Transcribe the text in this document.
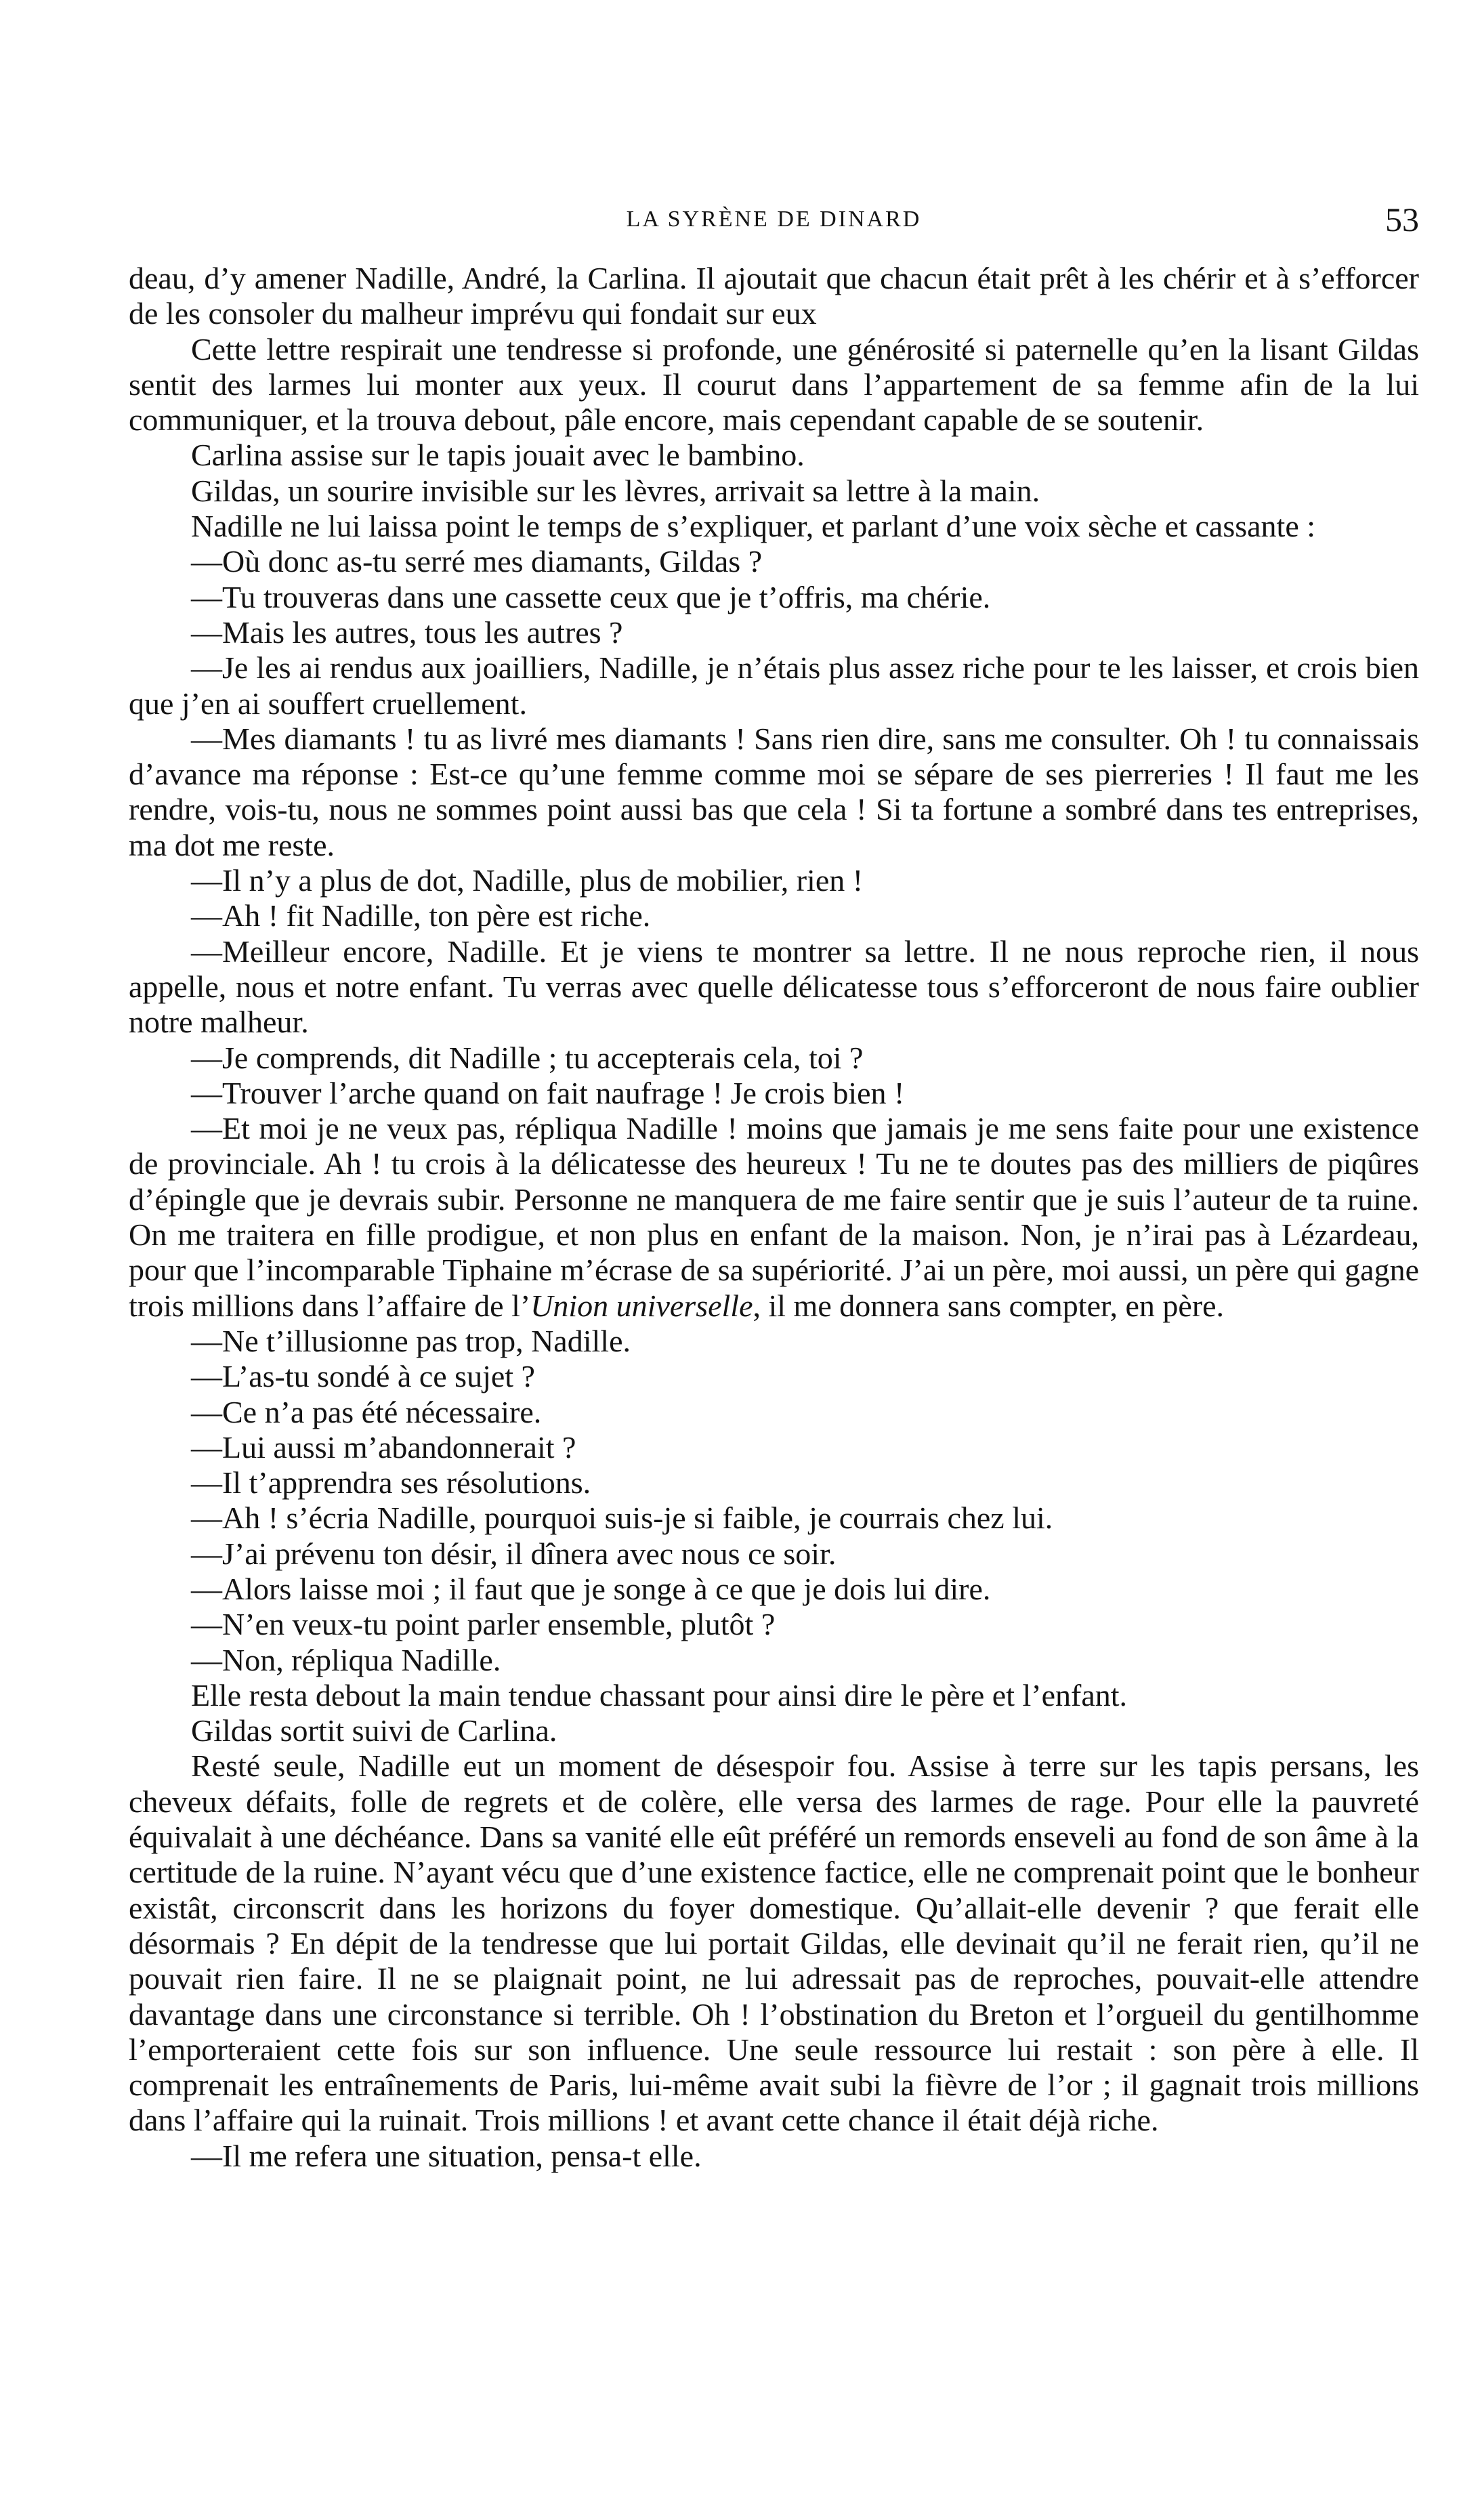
LA SYRÈNE DE DINARD	53

deau, d’y amener Nadille, André, la Carlina. Il ajoutait que chacun était prêt à les chérir et à s’efforcer de les consoler du malheur imprévu qui fondait sur eux

Cette lettre respirait une tendresse si profonde, une générosité si paternelle qu’en la lisant Gildas sentit des larmes lui monter aux yeux. Il courut dans l’appartement de sa femme afin de la lui communiquer, et la trouva debout, pâle encore, mais cependant capable de se soutenir.

Carlina assise sur le tapis jouait avec le bambino.

Gildas, un sourire invisible sur les lèvres, arrivait sa lettre à la main.

Nadille ne lui laissa point le temps de s’expliquer, et parlant d’une voix sèche et cassante :

—Où donc as-tu serré mes diamants, Gildas ?

—Tu trouveras dans une cassette ceux que je t’offris, ma chérie.

—Mais les autres, tous les autres ?

—Je les ai rendus aux joailliers, Nadille, je n’étais plus assez riche pour te les laisser, et crois bien que j’en ai souffert cruellement.

—Mes diamants ! tu as livré mes diamants ! Sans rien dire, sans me consulter. Oh ! tu connaissais d’avance ma réponse : Est-ce qu’une femme comme moi se sépare de ses pierreries ! Il faut me les rendre, vois-tu, nous ne sommes point aussi bas que cela ! Si ta fortune a sombré dans tes entreprises, ma dot me reste.

—Il n’y a plus de dot, Nadille, plus de mobilier, rien !

—Ah ! fit Nadille, ton père est riche.

—Meilleur encore, Nadille. Et je viens te montrer sa lettre. Il ne nous reproche rien, il nous appelle, nous et notre enfant. Tu verras avec quelle délicatesse tous s’efforceront de nous faire oublier notre malheur.

—Je comprends, dit Nadille ; tu accepterais cela, toi ?

—Trouver l’arche quand on fait naufrage ! Je crois bien !

—Et moi je ne veux pas, répliqua Nadille ! moins que jamais je me sens faite pour une existence de provinciale. Ah ! tu crois à la délicatesse des heureux ! Tu ne te doutes pas des milliers de piqûres d’épingle que je devrais subir. Personne ne manquera de me faire sentir que je suis l’auteur de ta ruine. On me traitera en fille prodigue, et non plus en enfant de la maison. Non, je n’irai pas à Lézardeau, pour que l’incomparable Tiphaine m’écrase de sa supériorité. J’ai un père, moi aussi, un père qui gagne trois millions dans l’affaire de l’Union universelle, il me donnera sans compter, en père.

—Ne t’illusionne pas trop, Nadille.

—L’as-tu sondé à ce sujet ?

—Ce n’a pas été nécessaire.

—Lui aussi m’abandonnerait ?

—Il t’apprendra ses résolutions.

—Ah ! s’écria Nadille, pourquoi suis-je si faible, je courrais chez lui.

—J’ai prévenu ton désir, il dînera avec nous ce soir.

—Alors laisse moi ; il faut que je songe à ce que je dois lui dire.

—N’en veux-tu point parler ensemble, plutôt ?

—Non, répliqua Nadille.

Elle resta debout la main tendue chassant pour ainsi dire le père et l’enfant.

Gildas sortit suivi de Carlina.

Resté seule, Nadille eut un moment de désespoir fou. Assise à terre sur les tapis persans, les cheveux défaits, folle de regrets et de colère, elle versa des larmes de rage. Pour elle la pauvreté équivalait à une déchéance. Dans sa vanité elle eût préféré un remords enseveli au fond de son âme à la certitude de la ruine. N’ayant vécu que d’une existence factice, elle ne comprenait point que le bonheur existât, circonscrit dans les horizons du foyer domestique. Qu’allait-elle devenir ? que ferait elle désormais ? En dépit de la tendresse que lui portait Gildas, elle devinait qu’il ne ferait rien, qu’il ne pouvait rien faire. Il ne se plaignait point, ne lui adressait pas de reproches, pouvait-elle attendre davantage dans une circonstance si terrible. Oh ! l’obstination du Breton et l’orgueil du gentilhomme l’emporteraient cette fois sur son influence. Une seule ressource lui restait : son père à elle. Il comprenait les entraînements de Paris, lui-même avait subi la fièvre de l’or ; il gagnait trois millions dans l’affaire qui la ruinait. Trois millions ! et avant cette chance il était déjà riche.

—Il me refera une situation, pensa-t elle.
